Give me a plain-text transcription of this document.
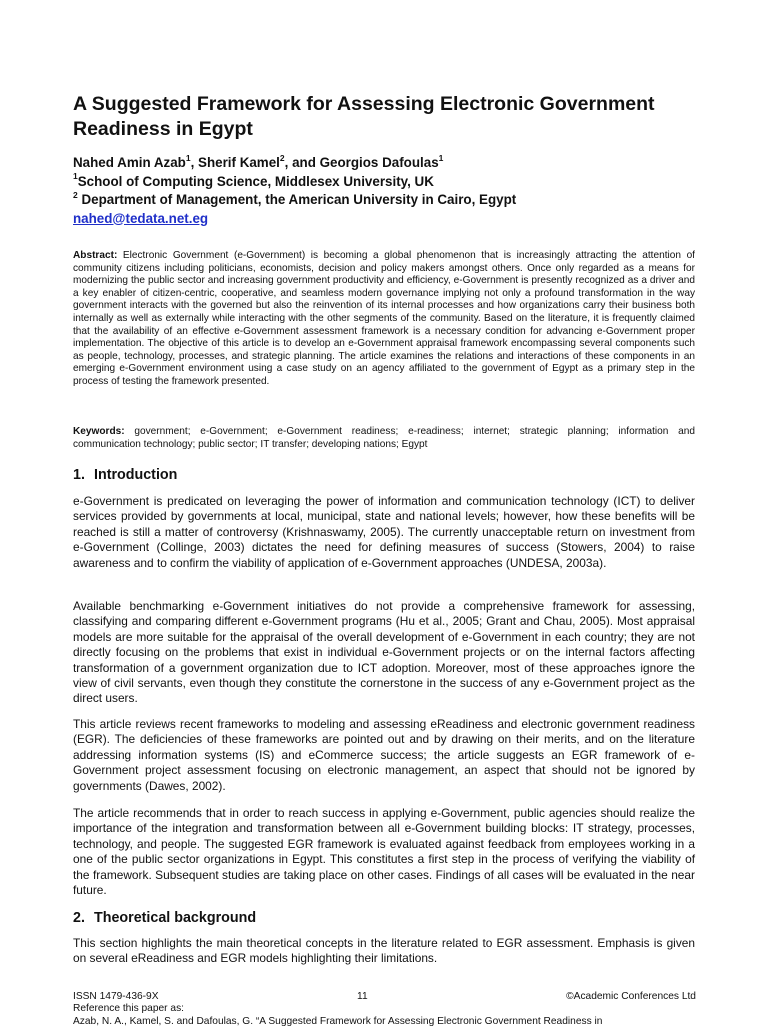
A Suggested Framework for Assessing Electronic Government Readiness in Egypt
Nahed Amin Azab$^1$, Sherif Kamel$^2$, and Georgios Dafoulas$^1$
$^1$School of Computing Science, Middlesex University, UK
$^2$ Department of Management, the American University in Cairo, Egypt
nahed@tedata.net.eg
Abstract: Electronic Government (e-Government) is becoming a global phenomenon that is increasingly attracting the attention of community citizens including politicians, economists, decision and policy makers amongst others. Once only regarded as a means for modernizing the public sector and increasing government productivity and efficiency, e-Government is presently recognized as a driver and a key enabler of citizen-centric, cooperative, and seamless modern governance implying not only a profound transformation in the way government interacts with the governed but also the reinvention of its internal processes and how organizations carry their business both internally as well as externally while interacting with the other segments of the community. Based on the literature, it is frequently claimed that the availability of an effective e-Government assessment framework is a necessary condition for advancing e-Government proper implementation. The objective of this article is to develop an e-Government appraisal framework encompassing several components such as people, technology, processes, and strategic planning. The article examines the relations and interactions of these components in an emerging e-Government environment using a case study on an agency affiliated to the government of Egypt as a primary step in the process of testing the framework presented.
Keywords: government; e-Government; e-Government readiness; e-readiness; internet; strategic planning; information and communication technology; public sector; IT transfer; developing nations; Egypt
1. Introduction

e-Government is predicated on leveraging the power of information and communication technology (ICT) to deliver services provided by governments at local, municipal, state and national levels; however, how these benefits will be reached is still a matter of controversy (Krishnaswamy, 2005). The currently unacceptable return on investment from e-Government (Collinge, 2003) dictates the need for defining measures of success (Stowers, 2004) to raise awareness and to confirm the viability of application of e-Government approaches (UNDESA, 2003a).

Available benchmarking e-Government initiatives do not provide a comprehensive framework for assessing, classifying and comparing different e-Government programs (Hu et al., 2005; Grant and Chau, 2005). Most appraisal models are more suitable for the appraisal of the overall development of e-Government in each country; they are not directly focusing on the problems that exist in individual e-Government projects or on the internal factors affecting transformation of a government organization due to ICT adoption. Moreover, most of these approaches ignore the view of civil servants, even though they constitute the cornerstone in the success of any e-Government project as the direct users.

This article reviews recent frameworks to modeling and assessing eReadiness and electronic government readiness (EGR). The deficiencies of these frameworks are pointed out and by drawing on their merits, and on the literature addressing information systems (IS) and eCommerce success; the article suggests an EGR framework of e-Government project assessment focusing on electronic management, an aspect that should not be ignored by governments (Dawes, 2002).

The article recommends that in order to reach success in applying e-Government, public agencies should realize the importance of the integration and transformation between all e-Government building blocks: IT strategy, processes, technology, and people. The suggested EGR framework is evaluated against feedback from employees working in a one of the public sector organizations in Egypt. This constitutes a first step in the process of verifying the viability of the framework. Subsequent studies are taking place on other cases. Findings of all cases will be evaluated in the near future.

2. Theoretical background

This section highlights the main theoretical concepts in the literature related to EGR assessment. Emphasis is given on several eReadiness and EGR models highlighting their limitations.

ISSN 1479-436-9X	11	©Academic Conferences Ltd
Reference this paper as:
Azab, N. A., Kamel, S. and Dafoulas, G. “A Suggested Framework for Assessing Electronic Government Readiness in
